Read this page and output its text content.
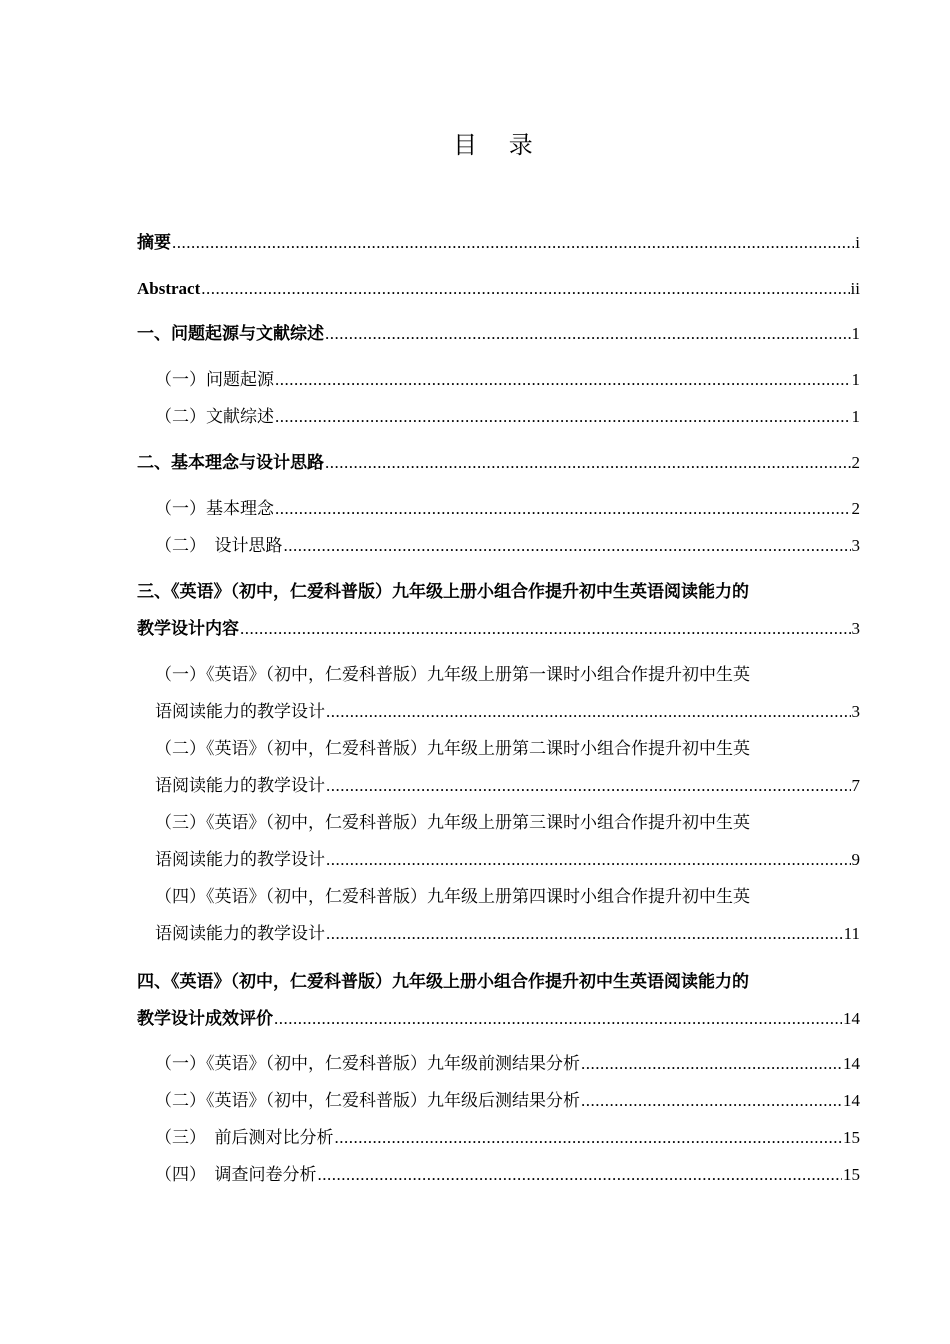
目 录
摘要 .....	i
Abstract .....	ii
一、问题起源与文献综述 .....	1
（一）问题起源 .....	1
（二）文献综述 .....	1
二、基本理念与设计思路 .....	2
（一）基本理念 .....	2
（二）　设计思路 .....	3
三、《英语》（初中，仁爱科普版）九年级上册小组合作提升初中生英语阅读能力的
教学设计内容 .....	3
（一）《英语》（初中，仁爱科普版）九年级上册第一课时小组合作提升初中生英
语阅读能力的教学设计 .....	3
（二）《英语》（初中，仁爱科普版）九年级上册第二课时小组合作提升初中生英
语阅读能力的教学设计 .....	7
（三）《英语》（初中，仁爱科普版）九年级上册第三课时小组合作提升初中生英
语阅读能力的教学设计 .....	9
（四）《英语》（初中，仁爱科普版）九年级上册第四课时小组合作提升初中生英
语阅读能力的教学设计 .....	11
四、《英语》（初中，仁爱科普版）九年级上册小组合作提升初中生英语阅读能力的
教学设计成效评价 .....	14
（一）《英语》（初中，仁爱科普版）九年级前测结果分析 .....	14
（二）《英语》（初中，仁爱科普版）九年级后测结果分析 .....	14
（三）　前后测对比分析 .....	15
（四）　调查问卷分析 .....	15
